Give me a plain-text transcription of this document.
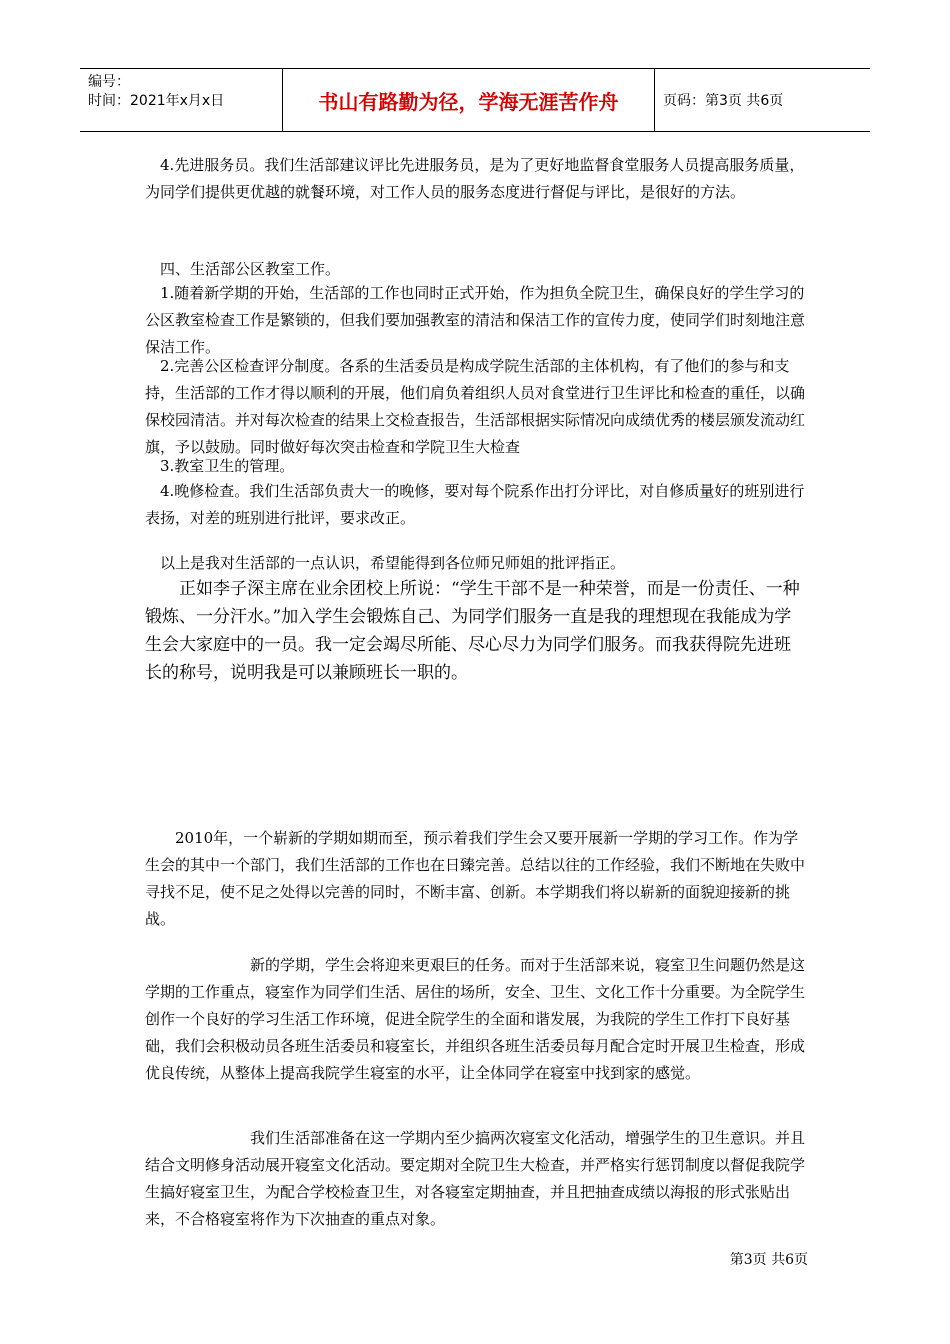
编号：
时间：2021年x月x日	书山有路勤为径，学海无涯苦作舟	页码：第3页 共6页

4.先进服务员。我们生活部建议评比先进服务员，是为了更好地监督食堂服务人员提高服务质量，为同学们提供更优越的就餐环境，对工作人员的服务态度进行督促与评比，是很好的方法。

四、生活部公区教室工作。

1.随着新学期的开始，生活部的工作也同时正式开始，作为担负全院卫生，确保良好的学生学习的公区教室检查工作是繁锁的，但我们要加强教室的清洁和保洁工作的宣传力度，使同学们时刻地注意保洁工作。

2.完善公区检查评分制度。各系的生活委员是构成学院生活部的主体机构，有了他们的参与和支持，生活部的工作才得以顺利的开展，他们肩负着组织人员对食堂进行卫生评比和检查的重任，以确保校园清洁。并对每次检查的结果上交检查报告，生活部根据实际情况向成绩优秀的楼层颁发流动红旗，予以鼓励。同时做好每次突击检查和学院卫生大检查

3.教室卫生的管理。

4.晚修检查。我们生活部负责大一的晚修，要对每个院系作出打分评比，对自修质量好的班别进行表扬，对差的班别进行批评，要求改正。

以上是我对生活部的一点认识，希望能得到各位师兄师姐的批评指正。

正如李子深主席在业余团校上所说：“学生干部不是一种荣誉，而是一份责任、一种锻炼、一分汗水。”加入学生会锻炼自己、为同学们服务一直是我的理想现在我能成为学生会大家庭中的一员。我一定会竭尽所能、尽心尽力为同学们服务。而我获得院先进班长的称号，说明我是可以兼顾班长一职的。

2010年，一个崭新的学期如期而至，预示着我们学生会又要开展新一学期的学习工作。作为学生会的其中一个部门，我们生活部的工作也在日臻完善。总结以往的工作经验，我们不断地在失败中寻找不足，使不足之处得以完善的同时，不断丰富、创新。本学期我们将以崭新的面貌迎接新的挑战。

新的学期，学生会将迎来更艰巨的任务。而对于生活部来说，寝室卫生问题仍然是这学期的工作重点，寝室作为同学们生活、居住的场所，安全、卫生、文化工作十分重要。为全院学生创作一个良好的学习生活工作环境，促进全院学生的全面和谐发展，为我院的学生工作打下良好基础，我们会积极动员各班生活委员和寝室长，并组织各班生活委员每月配合定时开展卫生检查，形成优良传统，从整体上提高我院学生寝室的水平，让全体同学在寝室中找到家的感觉。

我们生活部准备在这一学期内至少搞两次寝室文化活动，增强学生的卫生意识。并且结合文明修身活动展开寝室文化活动。要定期对全院卫生大检查，并严格实行惩罚制度以督促我院学生搞好寝室卫生，为配合学校检查卫生，对各寝室定期抽查，并且把抽查成绩以海报的形式张贴出来，不合格寝室将作为下次抽查的重点对象。

第3页 共6页
